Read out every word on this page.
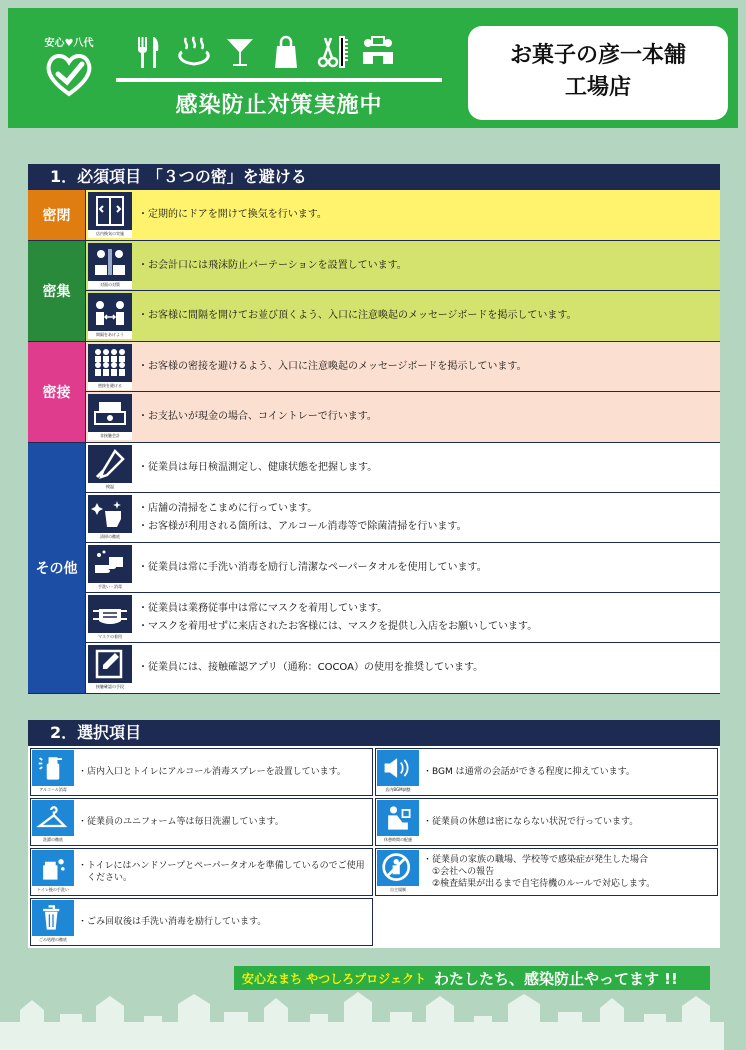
安心♥八代
感染防止対策実施中
お菓子の彦一本舗
工場店
1．必須項目 「３つの密」を避ける
密閉
店内換気の実施
・定期的にドアを開けて換気を行います。
密集	対面の対策
・お会計口には飛沫防止パーテーションを設置しています。
間隔をあけよう
・お客様に間隔を開けてお並び頂くよう、入口に注意喚起のメッセージボードを掲示しています。
密接	密接を避ける
・お客様の密接を避けるよう、入口に注意喚起のメッセージボードを掲示しています。
非接触会計
・お支払いが現金の場合、コイントレーで行います。
その他
検温
・従業員は毎日検温測定し、健康状態を把握します。
清掃の徹底
・店舗の清掃をこまめに行っています。
・お客様が利用される箇所は、アルコール消毒等で除菌清掃を行います。
手洗い・消毒
・従業員は常に手洗い消毒を励行し清潔なペーパータオルを使用しています。
マスクの着用
・従業員は業務従事中は常にマスクを着用しています。
・マスクを着用せずに来店されたお客様には、マスクを提供し入店をお願いしています。
接触確認の手段
・従業員には、接触確認アプリ（通称：COCOA）の使用を推奨しています。
2．選択項目
アルコール消毒
・店内入口とトイレにアルコール消毒スプレーを設置しています。
店内BGM調整
・BGM は通常の会話ができる程度に抑えています。
洗濯の徹底
・従業員のユニフォーム等は毎日洗濯しています。
休憩時間の配慮
・従業員の休憩は密にならない状況で行っています。
トイレ後の手洗い
・トイレにはハンドソープとペーパータオルを準備しているのでご使用
　ください。
自主規制
・従業員の家族の職場、学校等で感染症が発生した場合
　①会社への報告
　②検査結果が出るまで自宅待機のルールで対応します。
ごみ処理の徹底
・ごみ回収後は手洗い消毒を励行しています。
安心なまち やつしろプロジェクト わたしたち、感染防止やってます !!
